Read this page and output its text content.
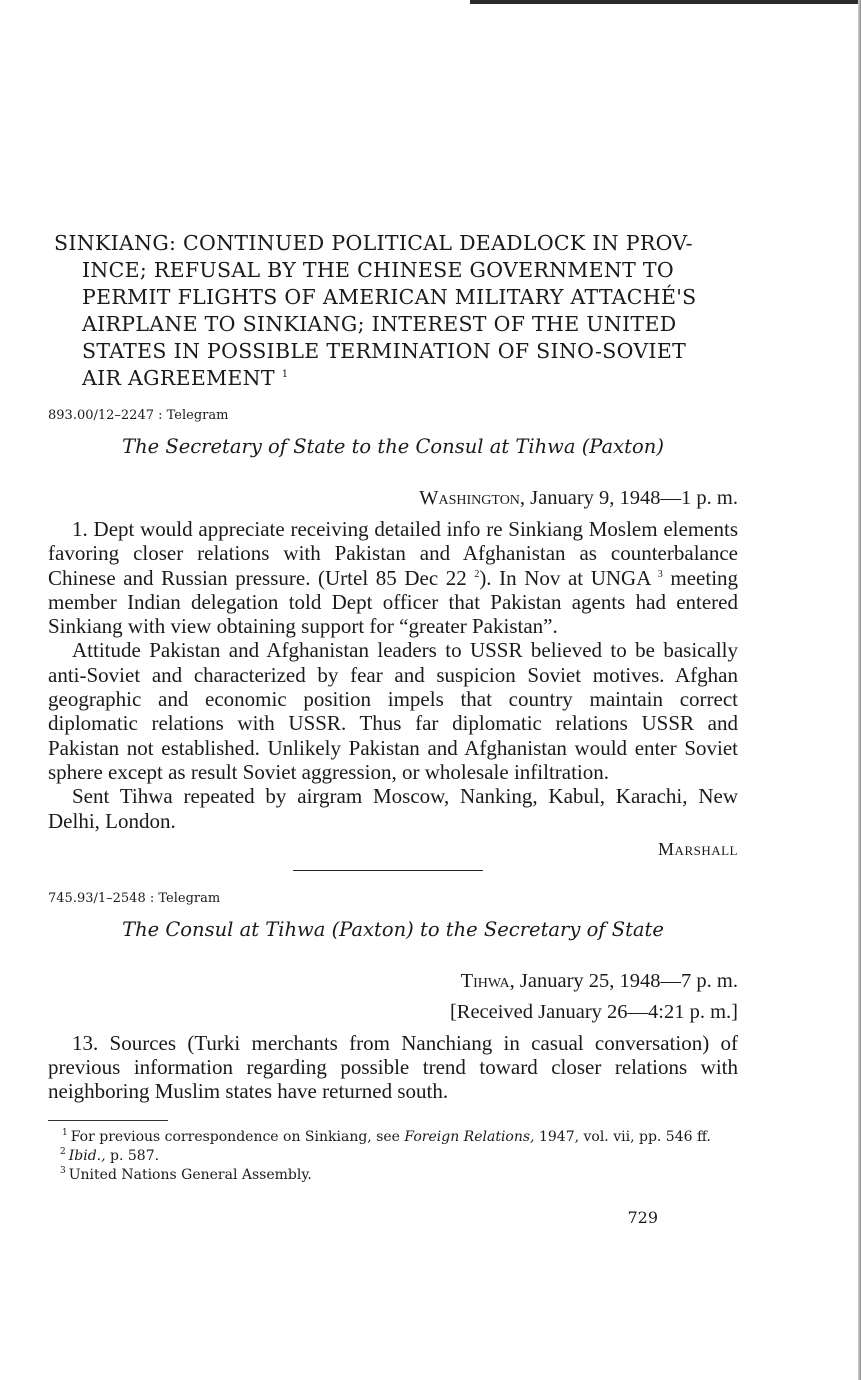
SINKIANG: CONTINUED POLITICAL DEADLOCK IN PROV-
INCE; REFUSAL BY THE CHINESE GOVERNMENT TO
PERMIT FLIGHTS OF AMERICAN MILITARY ATTACHÉ'S
AIRPLANE TO SINKIANG; INTEREST OF THE UNITED
STATES IN POSSIBLE TERMINATION OF SINO-SOVIET
AIR AGREEMENT $^1$
893.00/12–2247 : Telegram
The Secretary of State to the Consul at Tihwa (Paxton)
Washington, January 9, 1948—1 p. m.

1. Dept would appreciate receiving detailed info re Sinkiang Moslem elements favoring closer relations with Pakistan and Afghanistan as counterbalance Chinese and Russian pressure. (Urtel 85 Dec 22 $^2$). In Nov at UNGA $^3$ meeting member Indian delegation told Dept officer that Pakistan agents had entered Sinkiang with view obtaining support for “greater Pakistan”.

Attitude Pakistan and Afghanistan leaders to USSR believed to be basically anti-Soviet and characterized by fear and suspicion Soviet motives. Afghan geographic and economic position impels that country maintain correct diplomatic relations with USSR. Thus far diplomatic relations USSR and Pakistan not established. Unlikely Pakistan and Afghanistan would enter Soviet sphere except as result Soviet aggression, or wholesale infiltration.

Sent Tihwa repeated by airgram Moscow, Nanking, Kabul, Karachi, New Delhi, London.

Marshall
745.93/1–2548 : Telegram
The Consul at Tihwa (Paxton) to the Secretary of State
Tihwa, January 25, 1948—7 p. m.
[Received January 26—4:21 p. m.]

13. Sources (Turki merchants from Nanchiang in casual conversation) of previous information regarding possible trend toward closer relations with neighboring Muslim states have returned south.

$^1$ For previous correspondence on Sinkiang, see Foreign Relations, 1947, vol. vii, pp. 546 ff.
$^2$ Ibid., p. 587.
$^3$ United Nations General Assembly.
729
